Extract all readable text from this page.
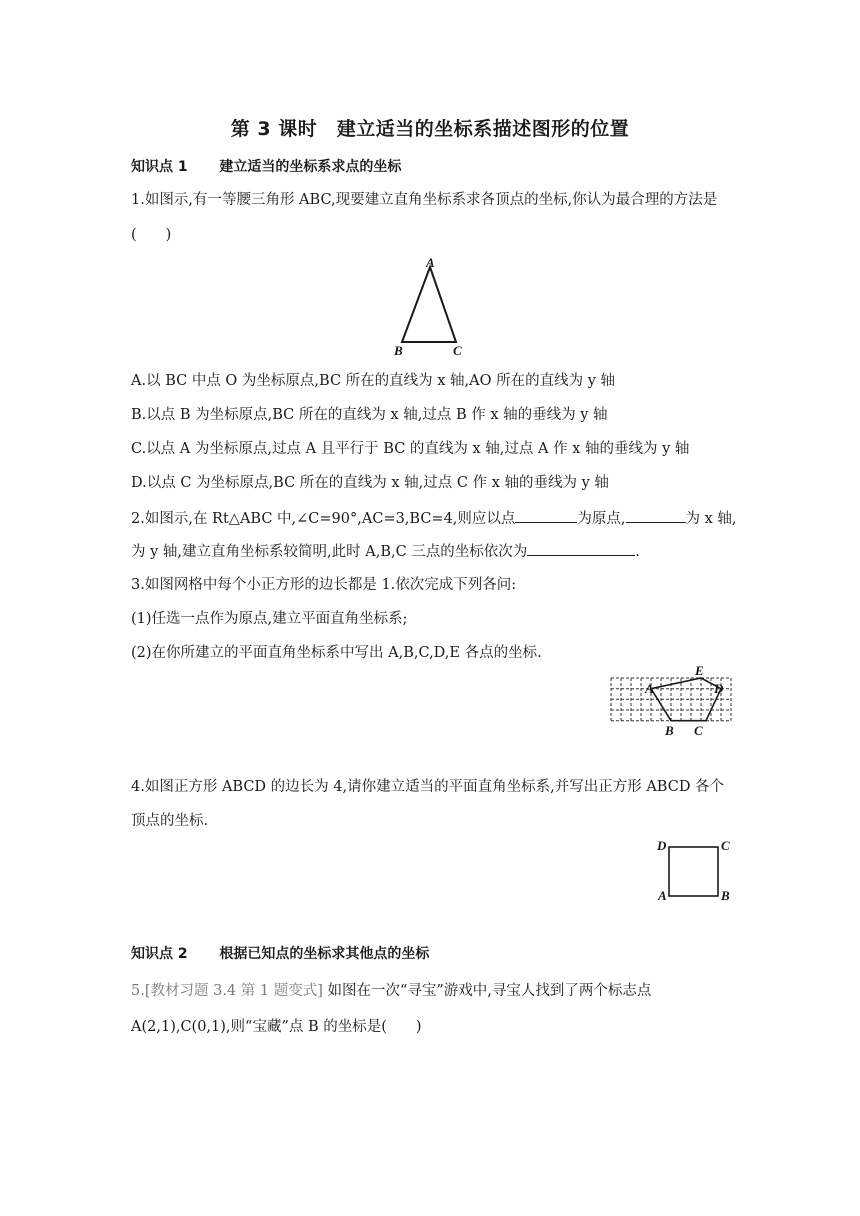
第 3 课时　建立适当的坐标系描述图形的位置
知识点 1 建立适当的坐标系求点的坐标
1.如图示,有一等腰三角形 ABC,现要建立直角坐标系求各顶点的坐标,你认为最合理的方法是
(　　)
A
B	C
A.以 BC 中点 O 为坐标原点,BC 所在的直线为 x 轴,AO 所在的直线为 y 轴
B.以点 B 为坐标原点,BC 所在的直线为 x 轴,过点 B 作 x 轴的垂线为 y 轴
C.以点 A 为坐标原点,过点 A 且平行于 BC 的直线为 x 轴,过点 A 作 x 轴的垂线为 y 轴
D.以点 C 为坐标原点,BC 所在的直线为 x 轴,过点 C 作 x 轴的垂线为 y 轴
2.如图示,在 Rt△ABC 中,∠C=90°,AC=3,BC=4,则应以点	为原点,	为 x 轴,
为 y 轴,建立直角坐标系较简明,此时 A,B,C 三点的坐标依次为	.
3.如图网格中每个小正方形的边长都是 1.依次完成下列各问:
(1)任选一点作为原点,建立平面直角坐标系;
(2)在你所建立的平面直角坐标系中写出 A,B,C,D,E 各点的坐标.
E
A	D
B C
4.如图正方形 ABCD 的边长为 4,请你建立适当的平面直角坐标系,并写出正方形 ABCD 各个
顶点的坐标.
D	C
A	B
知识点 2 根据已知点的坐标求其他点的坐标
5.[教材习题 3.4 第 1 题变式] 如图在一次“寻宝”游戏中,寻宝人找到了两个标志点
A(2,1),C(0,1),则“宝藏”点 B 的坐标是(　　)
